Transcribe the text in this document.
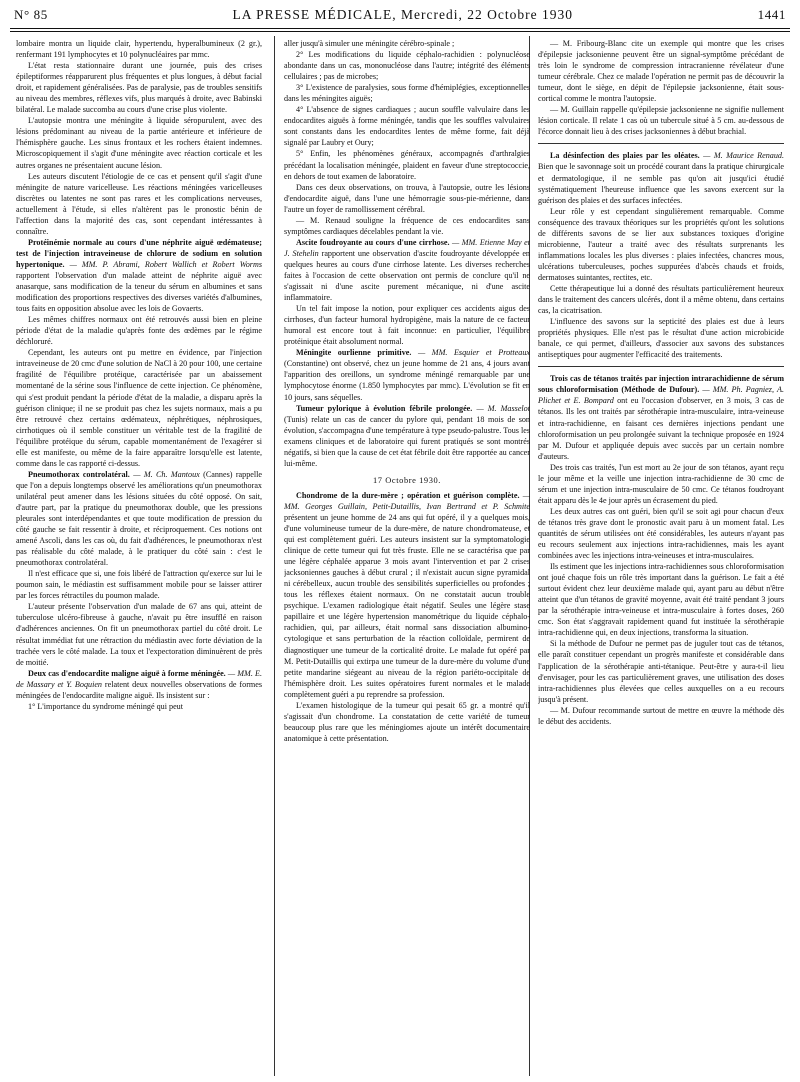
N° 85	LA PRESSE MÉDICALE, Mercredi, 22 Octobre 1930	1441

lombaire montra un liquide clair, hypertendu, hyperalbumineux (2 gr.), renfermant 191 lymphocytes et 10 polynucléaires par mmc.

L'état resta stationnaire durant une journée, puis des crises épileptiformes réapparurent plus fréquentes et plus longues, à début facial droit, et rapidement généralisées. Pas de paralysie, pas de troubles sensitifs au niveau des membres, réflexes vifs, plus marqués à droite, avec Babinski bilatéral. Le malade succomba au cours d'une crise plus violente.

L'autopsie montra une méningite à liquide séropurulent, avec des lésions prédominant au niveau de la partie antérieure et inférieure de l'hémisphère gauche. Les sinus frontaux et les rochers étaient indemnes. Microscopiquement il s'agit d'une méningite avec réaction corticale et les autres organes ne présentaient aucune lésion.

Les auteurs discutent l'étiologie de ce cas et pensent qu'il s'agit d'une méningite de nature varicelleuse. Les réactions méningées varicelleuses discrètes ou latentes ne sont pas rares et les complications nerveuses, actuellement à l'étude, si elles n'altèrent pas le pronostic bénin de l'affection dans la majorité des cas, sont cependant intéressantes à connaître.

Protéinémie normale au cours d'une néphrite aiguë œdémateuse; test de l'injection intraveineuse de chlorure de sodium en solution hypertonique. — MM. P. Abrami, Robert Wallich et Robert Worms rapportent l'observation d'un malade atteint de néphrite aiguë avec anasarque, sans modification de la teneur du sérum en albumines et sans modification des proportions respectives des diverses variétés d'albumines, tous faits en opposition absolue avec les lois de Govaerts.

Les mêmes chiffres normaux ont été retrouvés aussi bien en pleine période d'état de la maladie qu'après fonte des œdèmes par le régime déchloruré.

Cependant, les auteurs ont pu mettre en évidence, par l'injection intraveineuse de 20 cmc d'une solution de NaCl à 20 pour 100, une certaine fragilité de l'équilibre protéique, caractérisée par un abaissement momentané de la sérine sous l'influence de cette injection. Ce phénomène, qui s'est produit pendant la période d'état de la maladie, a disparu après la guérison clinique; il ne se produit pas chez les sujets normaux, mais a pu être retrouvé chez certains œdémateux, néphrétiques, néphrosiques, cirrhotiques où il semble constituer un véritable test de la fragilité de l'équilibre protéique du sérum, capable momentanément de l'exagérer si elle est manifeste, ou même de la faire apparaître lorsqu'elle est latente, comme dans le cas rapporté ci-dessus.

Pneumothorax controlatéral. — M. Ch. Mantoux (Cannes) rappelle que l'on a depuis longtemps observé les améliorations qu'un pneumothorax unilatéral peut amener dans les lésions situées du côté opposé. On sait, d'autre part, par la pratique du pneumothorax double, que les pressions pleurales sont interdépendantes et que toute modification de pression du côté gauche se fait ressentir à droite, et réciproquement. Ces notions ont amené Ascoli, dans les cas où, du fait d'adhérences, le pneumothorax n'est pas réalisable du côté malade, à le pratiquer du côté sain : c'est le pneumothorax controlatéral.

Il n'est efficace que si, une fois libéré de l'attraction qu'exerce sur lui le poumon sain, le médiastin est suffisamment mobile pour se laisser attirer par les forces rétractiles du poumon malade.

L'auteur présente l'observation d'un malade de 67 ans qui, atteint de tuberculose ulcéro-fibreuse à gauche, n'avait pu être insufflé en raison d'adhérences anciennes. On fit un pneumothorax partiel du côté droit. Le résultat immédiat fut une rétraction du médiastin avec forte déviation de la trachée vers le côté malade. La toux et l'expectoration diminuèrent de près de moitié.

Deux cas d'endocardite maligne aiguë à forme méningée. — MM. E. de Massary et Y. Boquien relatent deux nouvelles observations de formes méningées de l'endocardite maligne aiguë. Ils insistent sur :

1° L'importance du syndrome méningé qui peut

aller jusqu'à simuler une méningite cérébro-spinale ;

2° Les modifications du liquide céphalo-rachidien : polynucléose abondante dans un cas, mononucléose dans l'autre; intégrité des éléments cellulaires ; pas de microbes;

3° L'existence de paralysies, sous forme d'hémiplégies, exceptionnelles dans les méningites aiguës;

4° L'absence de signes cardiaques ; aucun souffle valvulaire dans les endocardites aiguës à forme méningée, tandis que les souffles valvulaires sont constants dans les endocardites lentes de même forme, fait déjà signalé par Laubry et Oury;

5° Enfin, les phénomènes généraux, accompagnés d'arthralgies précédant la localisation méningée, plaident en faveur d'une streptococcie, en dehors de tout examen de laboratoire.

Dans ces deux observations, on trouva, à l'autopsie, outre les lésions d'endocardite aiguë, dans l'une une hémorragie sous-pie-mérienne, dans l'autre un foyer de ramollissement cérébral.

— M. Renaud souligne la fréquence de ces endocardites sans symptômes cardiaques décelables pendant la vie.

Ascite foudroyante au cours d'une cirrhose. — MM. Etienne May et J. Stehelin rapportent une observation d'ascite foudroyante développée en quelques heures au cours d'une cirrhose latente. Les diverses recherches faites à l'occasion de cette observation ont permis de conclure qu'il ne s'agissait ni d'une ascite purement mécanique, ni d'une ascite inflammatoire.

Un tel fait impose la notion, pour expliquer ces accidents aigus des cirrhoses, d'un facteur humoral hydropigène, mais la nature de ce facteur humoral est encore tout à fait inconnue: en particulier, l'équilibre protéinique était absolument normal.

Méningite ourlienne primitive. — MM. Esquier et Protteaux (Constantine) ont observé, chez un jeune homme de 21 ans, 4 jours avant l'apparition des oreillons, un syndrome méningé remarquable par une lymphocytose énorme (1.850 lymphocytes par mmc). L'évolution se fit en 10 jours, sans séquelles.

Tumeur pylorique à évolution fébrile prolongée. — M. Masselot (Tunis) relate un cas de cancer du pylore qui, pendant 18 mois de son évolution, s'accompagna d'une température à type pseudo-palustre. Tous les examens cliniques et de laboratoire qui furent pratiqués se sont montrés négatifs, si bien que la cause de cet état fébrile doit être rapportée au cancer lui-même.

17 Octobre 1930.

Chondrome de la dure-mère ; opération et guérison complète. — MM. Georges Guillain, Petit-Dutaillis, Ivan Bertrand et P. Schmite présentent un jeune homme de 24 ans qui fut opéré, il y a quelques mois, d'une volumineuse tumeur de la dure-mère, de nature chondromateuse, et qui est complètement guéri. Les auteurs insistent sur la symptomatologie clinique de cette tumeur qui fut très fruste. Elle ne se caractérisa que par une légère céphalée apparue 3 mois avant l'intervention et par 2 crises jacksoniennes gauches à début crural ; il n'existait aucun signe pyramidal ni cérébelleux, aucun trouble des sensibilités superficielles ou profondes ; tous les réflexes étaient normaux. On ne constatait aucun trouble psychique. L'examen radiologique était négatif. Seules une légère stase papillaire et une légère hypertension manométrique du liquide céphalo-rachidien, qui, par ailleurs, était normal sans dissociation albumino-cytologique et sans perturbation de la réaction colloïdale, permirent de diagnostiquer une tumeur de la corticalité droite. Le malade fut opéré par M. Petit-Dutaillis qui extirpa une tumeur de la dure-mère du volume d'une petite mandarine siégeant au niveau de la région pariéto-occipitale de l'hémisphère droit. Les suites opératoires furent normales et le malade complètement guéri a pu reprendre sa profession.

L'examen histologique de la tumeur qui pesait 65 gr. a montré qu'il s'agissait d'un chondrome. La constatation de cette variété de tumeur beaucoup plus rare que les méningiomes ajoute un intérêt documentaire anatomique à cette présentation.

— M. Fribourg-Blanc cite un exemple qui montre que les crises d'épilepsie jacksonienne peuvent être un signal-symptôme précédant de très loin le syndrome de compression intracranienne révélateur d'une tumeur cérébrale. Chez ce malade l'opération ne permit pas de découvrir la tumeur, dont le siège, en dépit de l'épilepsie jacksonienne, était sous-cortical comme le montra l'autopsie.

— M. Guillain rappelle qu'épilepsie jacksonienne ne signifie nullement lésion corticale. Il relate 1 cas où un tubercule situé à 5 cm. au-dessous de l'écorce donnait lieu à des crises jacksoniennes à début brachial.

La désinfection des plaies par les oléates. — M. Maurice Renaud. Bien que le savonnage soit un procédé courant dans la pratique chirurgicale et dermatologique, il ne semble pas qu'on ait jusqu'ici étudié systématiquement l'heureuse influence que les savons exercent sur la guérison des plaies et des surfaces infectées.

Leur rôle y est cependant singulièrement remarquable. Comme conséquence des travaux théoriques sur les propriétés qu'ont les solutions de différents savons de se lier aux substances toxiques d'origine microbienne, l'auteur a traité avec des résultats surprenants les inflammations locales les plus diverses : plaies infectées, chancres mous, ulcérations tuberculeuses, poches suppurées d'abcès chauds et froids, dermatoses suintantes, rectites, etc.

Cette thérapeutique lui a donné des résultats particulièrement heureux dans le traitement des cancers ulcérés, dont il a même obtenu, dans certains cas, la cicatrisation.

L'influence des savons sur la septicité des plaies est due à leurs propriétés physiques. Elle n'est pas le résultat d'une action microbicide banale, ce qui permet, d'ailleurs, d'associer aux savons des substances antiseptiques pour augmenter l'efficacité des traitements.

Trois cas de tétanos traités par injection intrarachidienne de sérum sous chloroformisation (Méthode de Dufour). — MM. Ph. Pagniez, A. Plichet et E. Bompard ont eu l'occasion d'observer, en 3 mois, 3 cas de tétanos. Ils les ont traités par sérothérapie intra-musculaire, intra-veineuse et intra-rachidienne, en faisant ces dernières injections pendant une chloroformisation un peu prolongée suivant la technique proposée en 1924 par M. Dufour et appliquée depuis avec succès par un certain nombre d'auteurs.

Des trois cas traités, l'un est mort au 2e jour de son tétanos, ayant reçu le jour même et la veille une injection intra-rachidienne de 30 cmc de sérum et une injection intra-musculaire de 50 cmc. Ce tétanos foudroyant était apparu dès le 4e jour après un écrasement du pied.

Les deux autres cas ont guéri, bien qu'il se soit agi pour chacun d'eux de tétanos très grave dont le pronostic avait paru à un moment fatal. Les quantités de sérum utilisées ont été considérables, les auteurs n'ayant pas eu recours seulement aux injections intra-rachidiennes, mais les ayant combinées avec les injections intra-veineuses et intra-musculaires.

Ils estiment que les injections intra-rachidiennes sous chloroformisation ont joué chaque fois un rôle très important dans la guérison. Le fait a été surtout évident chez leur deuxième malade qui, ayant paru au début n'être atteint que d'un tétanos de gravité moyenne, avait été traité pendant 3 jours par la sérothérapie intra-veineuse et intra-musculaire à fortes doses, 260 cmc. Son état s'aggravait rapidement quand fut instituée la sérothérapie intra-rachidienne qui, en deux injections, transforma la situation.

Si la méthode de Dufour ne permet pas de juguler tout cas de tétanos, elle paraît constituer cependant un progrès manifeste et considérable dans l'application de la sérothérapie anti-tétanique. Peut-être y aura-t-il lieu d'envisager, pour les cas particulièrement graves, une utilisation des doses intra-rachidiennes plus élevées que celles auxquelles on a eu recours jusqu'à présent.

— M. Dufour recommande surtout de mettre en œuvre la méthode dès le début des accidents.
